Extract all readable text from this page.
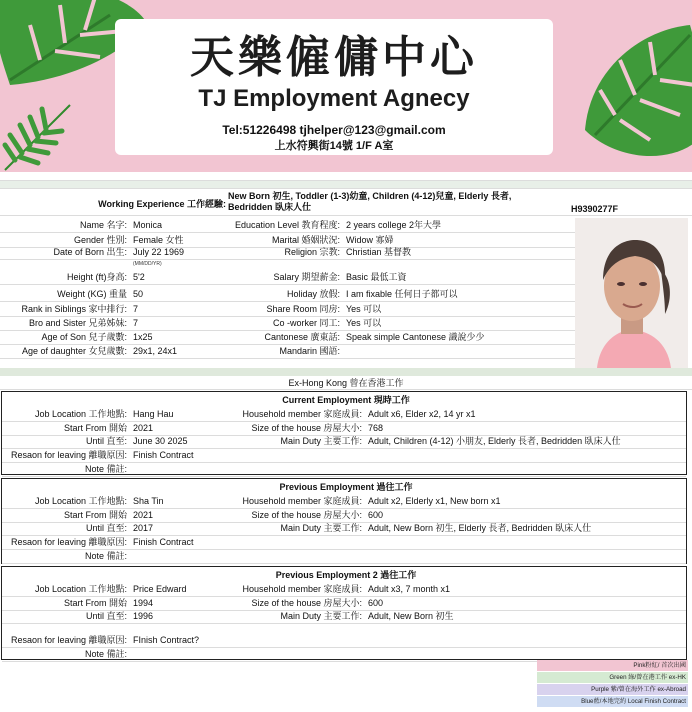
天樂僱傭中心
TJ Employment Agnecy
Tel:51226498 tjhelper@123@gmail.com
上水符興街14號 1/F A室
Working Experience 工作經驗:
New Born 初生, Toddler (1-3)幼童, Children (4-12)兒童, Elderly 長者,
Bedridden 臥床人仕	H9390277F
Name 名字: Monica	Education Level 教育程度: 2 years college 2年大學
Gender 性別: Female 女性	Marital 婚姻狀況: Widow 寡婦
Date of Born 出生: July 22 1969	Religion 宗教: Christian 基督教
Height (ft)身高: 5'2	Salary 期望薪金: Basic 最低工資
Weight (KG) 重量 50	Holiday 放假: I am fixable 任何日子都可以
Rank in Siblings 家中排行: 7	Share Room 同房: Yes 可以
Bro and Sister 兄弟姊妹: 7	Co -worker 同工: Yes 可以
Age of Son 兒子歲數: 1x25	Cantonese 廣東話: Speak simple Cantonese 識說少少
Age of daughter 女兒歲數: 29x1, 24x1	Mandarin 國語:
(MM/DD/YR)
Ex-Hong Kong 曾在香港工作
Current Employment 現時工作
Job Location 工作地點: Hang Hau	Household member 家庭成員: Adult x6, Elder x2, 14 yr x1
Start From 開始 2021	Size of the house 房屋大小: 768
Until 直至: June 30 2025	Main Duty 主要工作: Adult, Children (4-12) 小朋友, Elderly 長者, Bedridden 臥床人仕
Resaon for leaving 離職原因: Finish Contract
Note 備註:
Previous Employment 過往工作
Job Location 工作地點: Sha Tin	Household member 家庭成員: Adult x2, Elderly x1, New born x1
Start From 開始 2021	Size of the house 房屋大小: 600
Until 直至: 2017	Main Duty 主要工作: Adult, New Born 初生, Elderly 長者, Bedridden 臥床人仕
Resaon for leaving 離職原因: Finish Contract
Note 備註:
Previous Employment 2 過往工作
Job Location 工作地點: Price Edward	Household member 家庭成員: Adult x3, 7 month x1
Start From 開始 1994	Size of the house 房屋大小: 600
Until 直至: 1996	Main Duty 主要工作: Adult, New Born 初生
Resaon for leaving 離職原因: FInish Contract?
Note 備註:
Pink粉紅/ 首次出國
Green 綠/曾在港工作 ex-HK
Purple 紫/曾在海外工作 ex-Abroad
Blue藍/本地完約 Local Finish Contract
